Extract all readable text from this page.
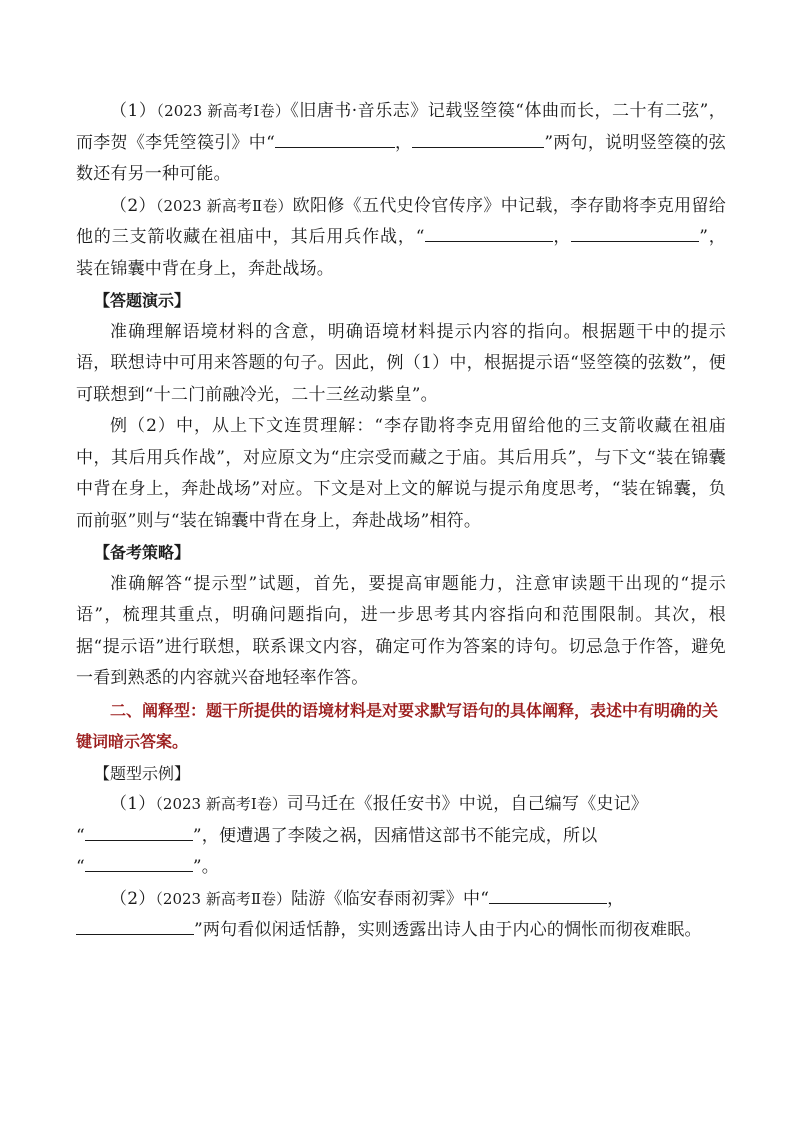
（1）（2023 新高考Ⅰ卷）《旧唐书·音乐志》记载竖箜篌“体曲而长，二十有二弦”，而李贺《李凭箜篌引》中“	，	”两句，说明竖箜篌的弦数还有另一种可能。

（2）（2023 新高考Ⅱ卷）欧阳修《五代史伶官传序》中记载，李存勖将李克用留给他的三支箭收藏在祖庙中，其后用兵作战，“	，	”，装在锦囊中背在身上，奔赴战场。

【答题演示】

准确理解语境材料的含意，明确语境材料提示内容的指向。根据题干中的提示语，联想诗中可用来答题的句子。因此，例（1）中，根据提示语“竖箜篌的弦数”，便可联想到“十二门前融冷光，二十三丝动紫皇”。

例（2）中，从上下文连贯理解：“李存勖将李克用留给他的三支箭收藏在祖庙中，其后用兵作战”，对应原文为“庄宗受而藏之于庙。其后用兵”，与下文“装在锦囊中背在身上，奔赴战场”对应。下文是对上文的解说与提示角度思考，“装在锦囊，负而前驱”则与“装在锦囊中背在身上，奔赴战场”相符。

【备考策略】

准确解答“提示型”试题，首先，要提高审题能力，注意审读题干出现的“提示语”，梳理其重点，明确问题指向，进一步思考其内容指向和范围限制。其次，根据“提示语”进行联想，联系课文内容，确定可作为答案的诗句。切忌急于作答，避免一看到熟悉的内容就兴奋地轻率作答。

二、阐释型：题干所提供的语境材料是对要求默写语句的具体阐释，表述中有明确的关键词暗示答案。

【题型示例】

（1）（2023 新高考Ⅰ卷）司马迁在《报任安书》中说，自己编写《史记》
“	”，便遭遇了李陵之祸，因痛惜这部书不能完成，所以
“	”。

（2）（2023 新高考Ⅱ卷）陆游《临安春雨初霁》中“	，
”两句看似闲适恬静，实则透露出诗人由于内心的惆怅而彻夜难眠。
